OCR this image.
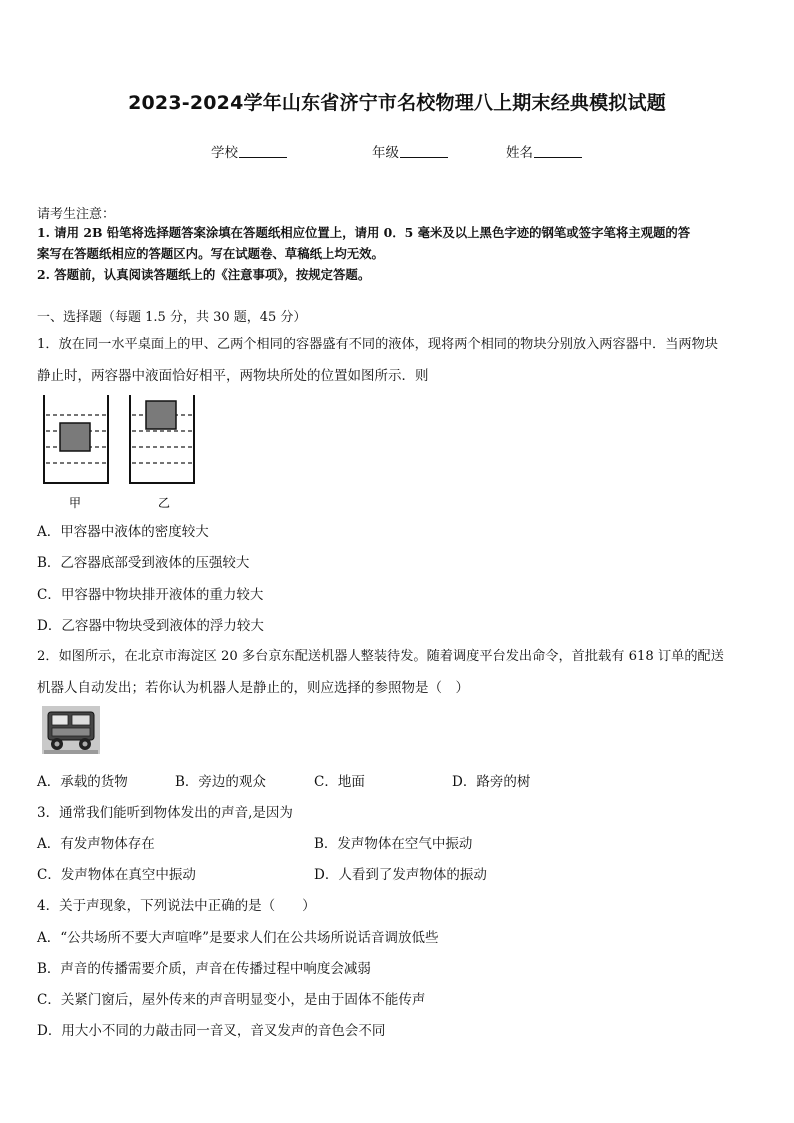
2023-2024学年山东省济宁市名校物理八上期末经典模拟试题
学校	年级	姓名
请考生注意：
1. 请用 2B 铅笔将选择题答案涂填在答题纸相应位置上，请用 0．5 毫米及以上黑色字迹的钢笔或签字笔将主观题的答
案写在答题纸相应的答题区内。写在试题卷、草稿纸上均无效。
2. 答题前，认真阅读答题纸上的《注意事项》，按规定答题。
一、选择题（每题 1.5 分，共 30 题，45 分）
1．放在同一水平桌面上的甲、乙两个相同的容器盛有不同的液体，现将两个相同的物块分别放入两容器中．当两物块
静止时，两容器中液面恰好相平，两物块所处的位置如图所示．则
甲	乙
A．甲容器中液体的密度较大
B．乙容器底部受到液体的压强较大
C．甲容器中物块排开液体的重力较大
D．乙容器中物块受到液体的浮力较大
2．如图所示，在北京市海淀区 20 多台京东配送机器人整装待发。随着调度平台发出命令，首批载有 618 订单的配送
机器人自动发出；若你认为机器人是静止的，则应选择的参照物是（　）
A．承载的货物	B．旁边的观众	C．地面	D．路旁的树
3．通常我们能听到物体发出的声音,是因为
A．有发声物体存在	B．发声物体在空气中振动
C．发声物体在真空中振动	D．人看到了发声物体的振动
4．关于声现象，下列说法中正确的是（　　）
A．“公共场所不要大声喧哗”是要求人们在公共场所说话音调放低些
B．声音的传播需要介质，声音在传播过程中响度会减弱
C．关紧门窗后，屋外传来的声音明显变小，是由于固体不能传声
D．用大小不同的力敲击同一音叉，音叉发声的音色会不同
